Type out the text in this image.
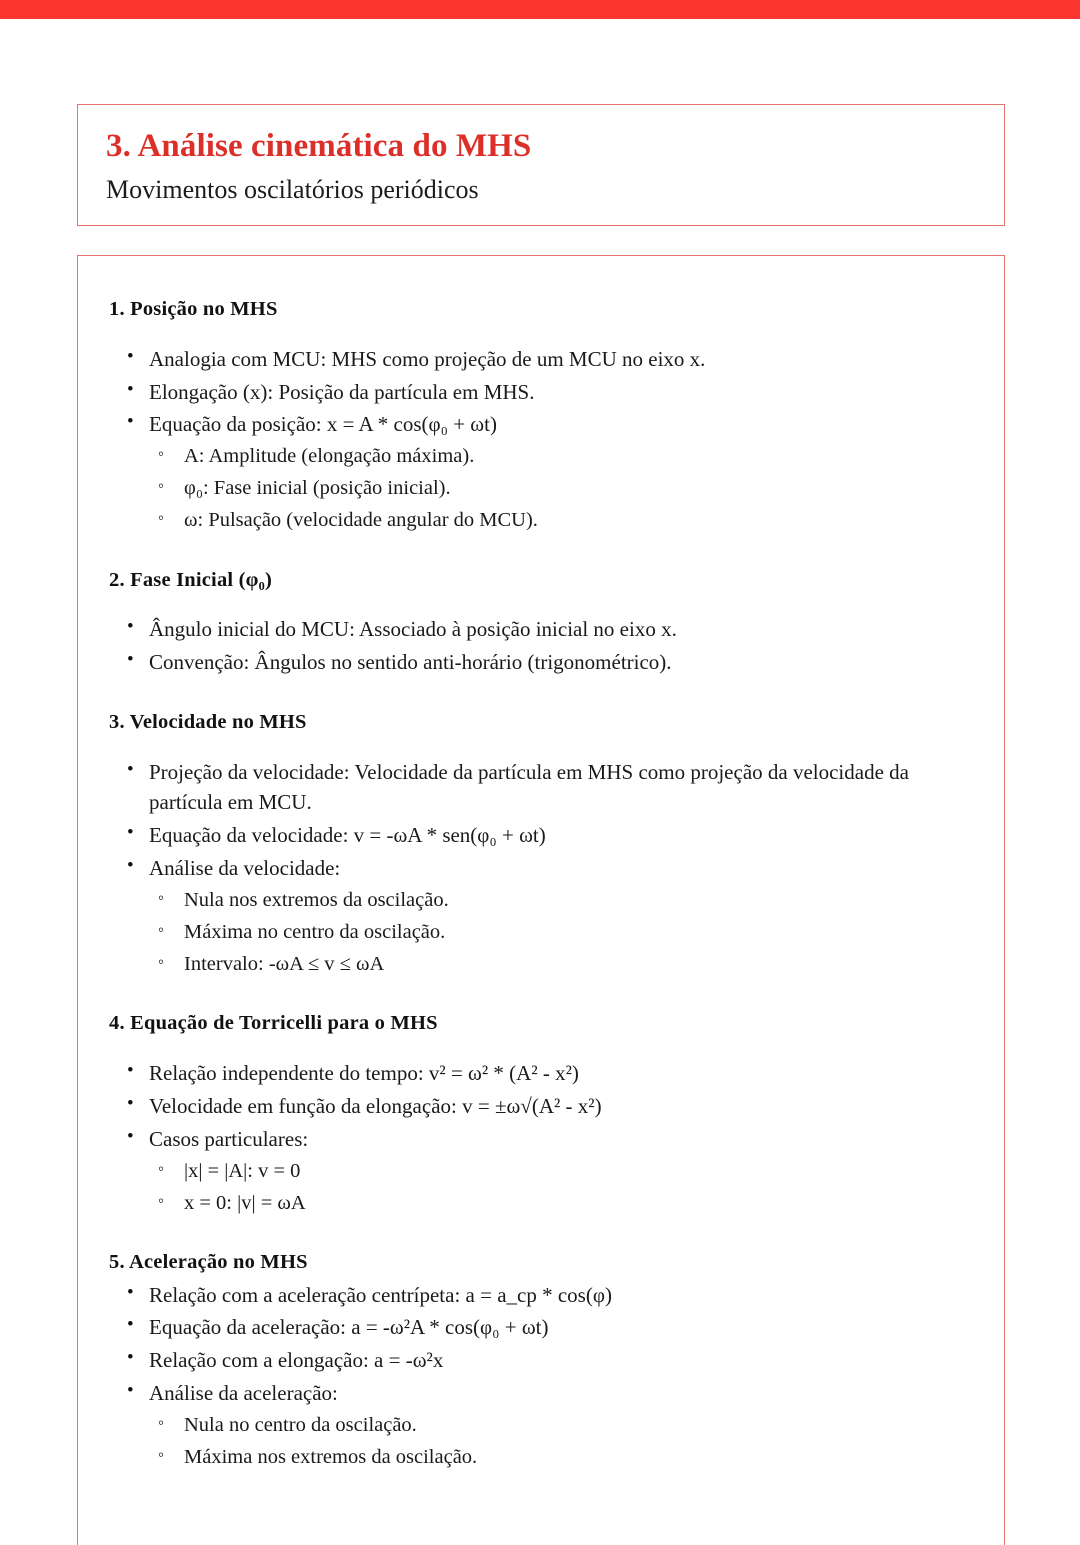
3. Análise cinemática do MHS
Movimentos oscilatórios periódicos
1. Posição no MHS
• Analogia com MCU: MHS como projeção de um MCU no eixo x.
• Elongação (x): Posição da partícula em MHS.
• Equação da posição: x = A * cos(φ₀ + ωt)
◦ A: Amplitude (elongação máxima).
◦ φ₀: Fase inicial (posição inicial).
◦ ω: Pulsação (velocidade angular do MCU).
2. Fase Inicial (φ₀)
• Ângulo inicial do MCU: Associado à posição inicial no eixo x.
• Convenção: Ângulos no sentido anti-horário (trigonométrico).
3. Velocidade no MHS
• Projeção da velocidade: Velocidade da partícula em MHS como projeção da velocidade da partícula em MCU.
• Equação da velocidade: v = -ωA * sen(φ₀ + ωt)
• Análise da velocidade:
◦ Nula nos extremos da oscilação.
◦ Máxima no centro da oscilação.
◦ Intervalo: -ωA ≤ v ≤ ωA
4. Equação de Torricelli para o MHS
• Relação independente do tempo: v² = ω² * (A² - x²)
• Velocidade em função da elongação: v = ±ω√(A² - x²)
• Casos particulares:
◦ |x| = |A|: v = 0
◦ x = 0: |v| = ωA
5. Aceleração no MHS
• Relação com a aceleração centrípeta: a = a_cp * cos(φ)
• Equação da aceleração: a = -ω²A * cos(φ₀ + ωt)
• Relação com a elongação: a = -ω²x
• Análise da aceleração:
◦ Nula no centro da oscilação.
◦ Máxima nos extremos da oscilação.
